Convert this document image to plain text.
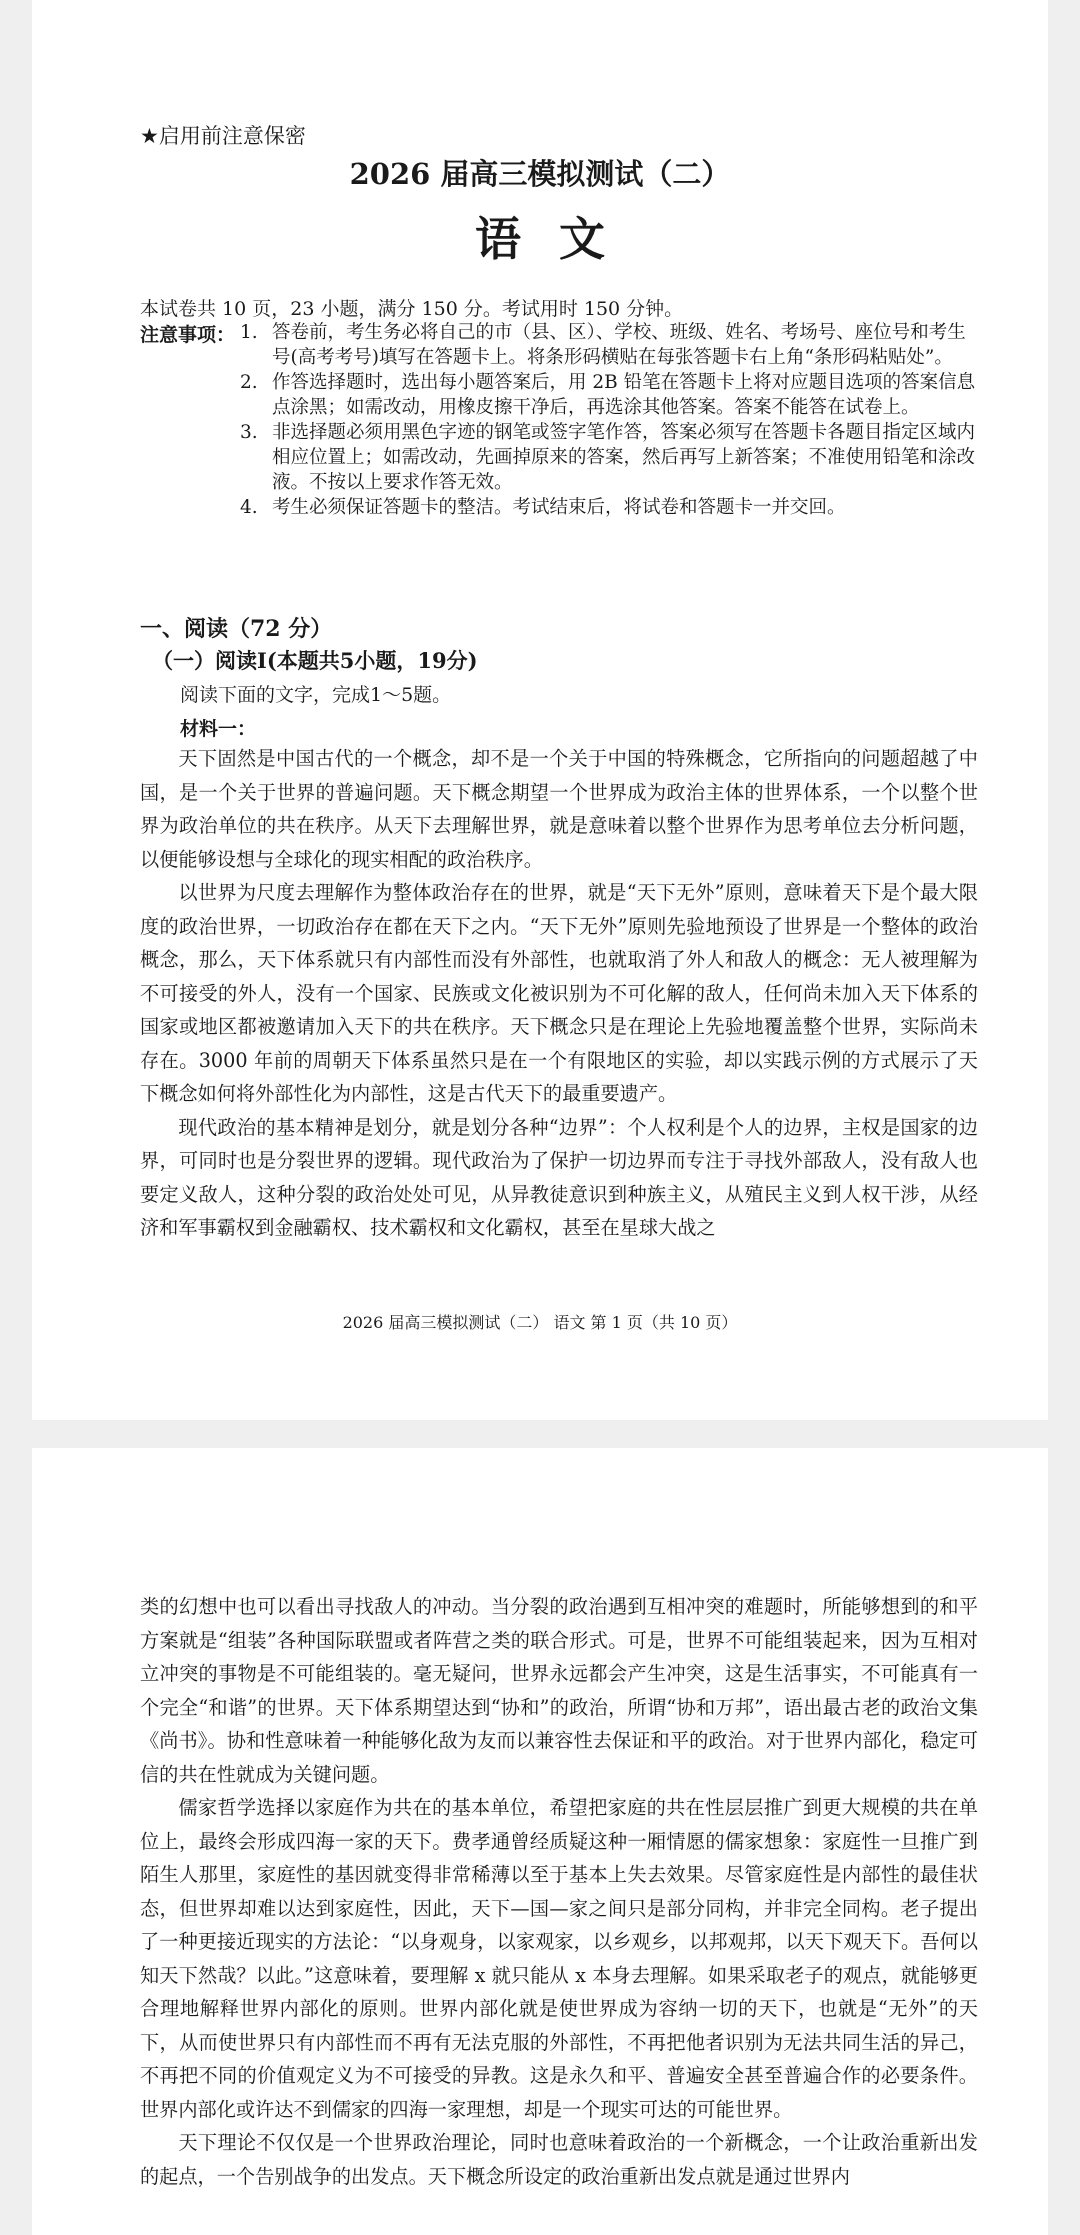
★启用前注意保密
2026 届高三模拟测试（二）
语文
本试卷共 10 页，23 小题，满分 150 分。考试用时 150 分钟。
注意事项： 1. 答卷前，考生务必将自己的市（县、区）、学校、班级、姓名、考场号、座位号和考生号(高考考号)填写在答题卡上。将条形码横贴在每张答题卡右上角“条形码粘贴处”。
2. 作答选择题时，选出每小题答案后，用 2B 铅笔在答题卡上将对应题目选项的答案信息点涂黑；如需改动，用橡皮擦干净后，再选涂其他答案。答案不能答在试卷上。
3. 非选择题必须用黑色字迹的钢笔或签字笔作答，答案必须写在答题卡各题目指定区域内相应位置上；如需改动，先画掉原来的答案，然后再写上新答案；不准使用铅笔和涂改液。不按以上要求作答无效。
4. 考生必须保证答题卡的整洁。考试结束后，将试卷和答题卡一并交回。
一、阅读（72 分）
（一）阅读Ⅰ(本题共5小题，19分)
阅读下面的文字，完成1～5题。
材料一：

天下固然是中国古代的一个概念，却不是一个关于中国的特殊概念，它所指向的问题超越了中国，是一个关于世界的普遍问题。天下概念期望一个世界成为政治主体的世界体系，一个以整个世界为政治单位的共在秩序。从天下去理解世界，就是意味着以整个世界作为思考单位去分析问题，以便能够设想与全球化的现实相配的政治秩序。

以世界为尺度去理解作为整体政治存在的世界，就是“天下无外”原则，意味着天下是个最大限度的政治世界，一切政治存在都在天下之内。“天下无外”原则先验地预设了世界是一个整体的政治概念，那么，天下体系就只有内部性而没有外部性，也就取消了外人和敌人的概念：无人被理解为不可接受的外人，没有一个国家、民族或文化被识别为不可化解的敌人，任何尚未加入天下体系的国家或地区都被邀请加入天下的共在秩序。天下概念只是在理论上先验地覆盖整个世界，实际尚未存在。3000 年前的周朝天下体系虽然只是在一个有限地区的实验，却以实践示例的方式展示了天下概念如何将外部性化为内部性，这是古代天下的最重要遗产。

现代政治的基本精神是划分，就是划分各种“边界”：个人权利是个人的边界，主权是国家的边界，可同时也是分裂世界的逻辑。现代政治为了保护一切边界而专注于寻找外部敌人，没有敌人也要定义敌人，这种分裂的政治处处可见，从异教徒意识到种族主义，从殖民主义到人权干涉，从经济和军事霸权到金融霸权、技术霸权和文化霸权，甚至在星球大战之

2026 届高三模拟测试（二） 语文 第 1 页（共 10 页）

类的幻想中也可以看出寻找敌人的冲动。当分裂的政治遇到互相冲突的难题时，所能够想到的和平方案就是“组装”各种国际联盟或者阵营之类的联合形式。可是，世界不可能组装起来，因为互相对立冲突的事物是不可能组装的。毫无疑问，世界永远都会产生冲突，这是生活事实，不可能真有一个完全“和谐”的世界。天下体系期望达到“协和”的政治，所谓“协和万邦”，语出最古老的政治文集《尚书》。协和性意味着一种能够化敌为友而以兼容性去保证和平的政治。对于世界内部化，稳定可信的共在性就成为关键问题。

儒家哲学选择以家庭作为共在的基本单位，希望把家庭的共在性层层推广到更大规模的共在单位上，最终会形成四海一家的天下。费孝通曾经质疑这种一厢情愿的儒家想象：家庭性一旦推广到陌生人那里，家庭性的基因就变得非常稀薄以至于基本上失去效果。尽管家庭性是内部性的最佳状态，但世界却难以达到家庭性，因此，天下—国—家之间只是部分同构，并非完全同构。老子提出了一种更接近现实的方法论：“以身观身，以家观家，以乡观乡，以邦观邦，以天下观天下。吾何以知天下然哉？以此。”这意味着，要理解 x 就只能从 x 本身去理解。如果采取老子的观点，就能够更合理地解释世界内部化的原则。世界内部化就是使世界成为容纳一切的天下，也就是“无外”的天下，从而使世界只有内部性而不再有无法克服的外部性，不再把他者识别为无法共同生活的异己，不再把不同的价值观定义为不可接受的异教。这是永久和平、普遍安全甚至普遍合作的必要条件。世界内部化或许达不到儒家的四海一家理想，却是一个现实可达的可能世界。

天下理论不仅仅是一个世界政治理论，同时也意味着政治的一个新概念，一个让政治重新出发的起点，一个告别战争的出发点。天下概念所设定的政治重新出发点就是通过世界内
